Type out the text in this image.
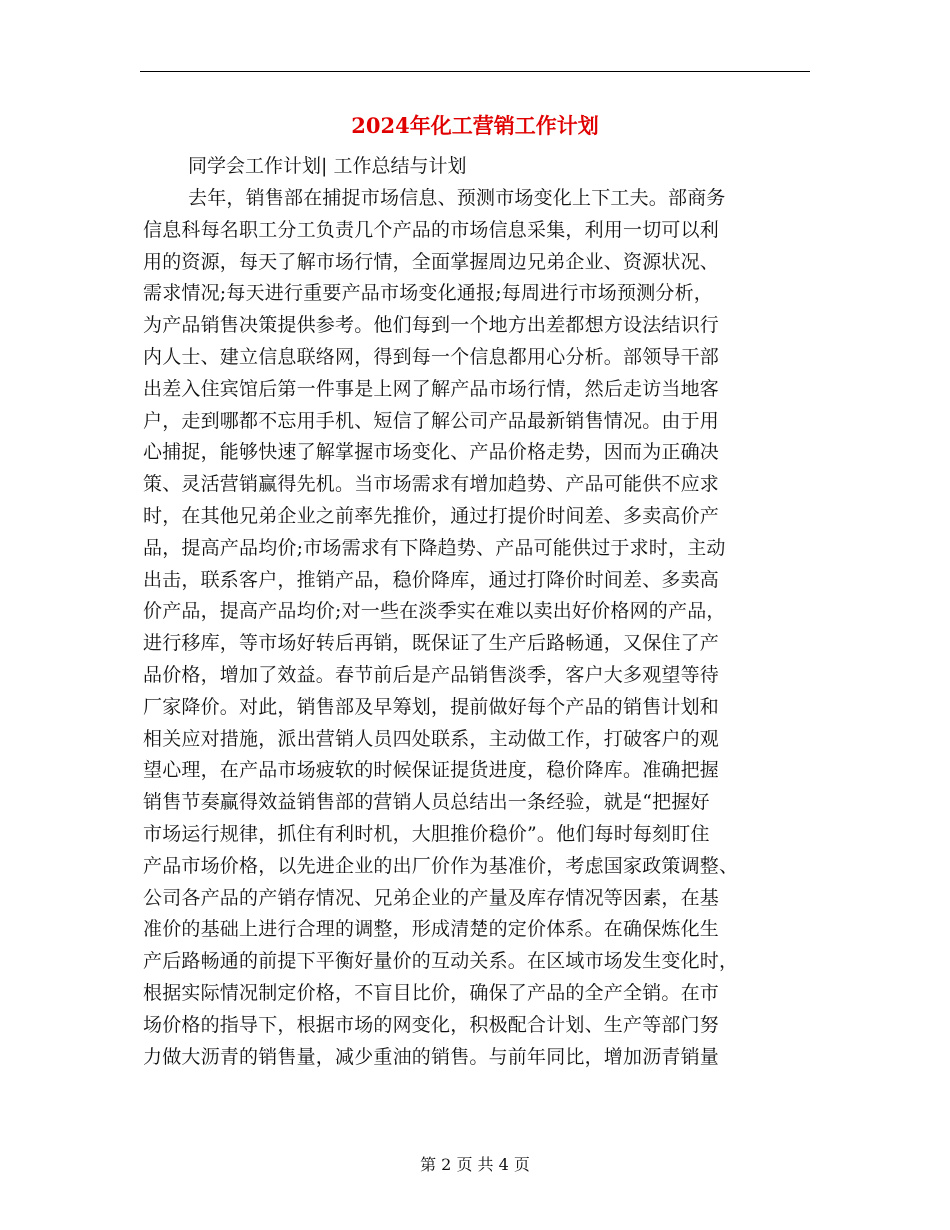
2024年化工营销工作计划
同学会工作计划| 工作总结与计划
去年，销售部在捕捉市场信息、预测市场变化上下工夫。部商务
信息科每名职工分工负责几个产品的市场信息采集，利用一切可以利
用的资源，每天了解市场行情，全面掌握周边兄弟企业、资源状况、
需求情况;每天进行重要产品市场变化通报;每周进行市场预测分析，
为产品销售决策提供参考。他们每到一个地方出差都想方设法结识行
内人士、建立信息联络网，得到每一个信息都用心分析。部领导干部
出差入住宾馆后第一件事是上网了解产品市场行情，然后走访当地客
户，走到哪都不忘用手机、短信了解公司产品最新销售情况。由于用
心捕捉，能够快速了解掌握市场变化、产品价格走势，因而为正确决
策、灵活营销赢得先机。当市场需求有增加趋势、产品可能供不应求
时，在其他兄弟企业之前率先推价，通过打提价时间差、多卖高价产
品，提高产品均价;市场需求有下降趋势、产品可能供过于求时，主动
出击，联系客户，推销产品，稳价降库，通过打降价时间差、多卖高
价产品，提高产品均价;对一些在淡季实在难以卖出好价格网的产品，
进行移库，等市场好转后再销，既保证了生产后路畅通，又保住了产
品价格，增加了效益。春节前后是产品销售淡季，客户大多观望等待
厂家降价。对此，销售部及早筹划，提前做好每个产品的销售计划和
相关应对措施，派出营销人员四处联系，主动做工作，打破客户的观
望心理，在产品市场疲软的时候保证提货进度，稳价降库。准确把握
销售节奏赢得效益销售部的营销人员总结出一条经验，就是“把握好
市场运行规律，抓住有利时机，大胆推价稳价”。他们每时每刻盯住
产品市场价格，以先进企业的出厂价作为基准价，考虑国家政策调整、
公司各产品的产销存情况、兄弟企业的产量及库存情况等因素，在基
准价的基础上进行合理的调整，形成清楚的定价体系。在确保炼化生
产后路畅通的前提下平衡好量价的互动关系。在区域市场发生变化时，
根据实际情况制定价格，不盲目比价，确保了产品的全产全销。在市
场价格的指导下，根据市场的网变化，积极配合计划、生产等部门努
力做大沥青的销售量，减少重油的销售。与前年同比，增加沥青销量
第 2 页 共 4 页
